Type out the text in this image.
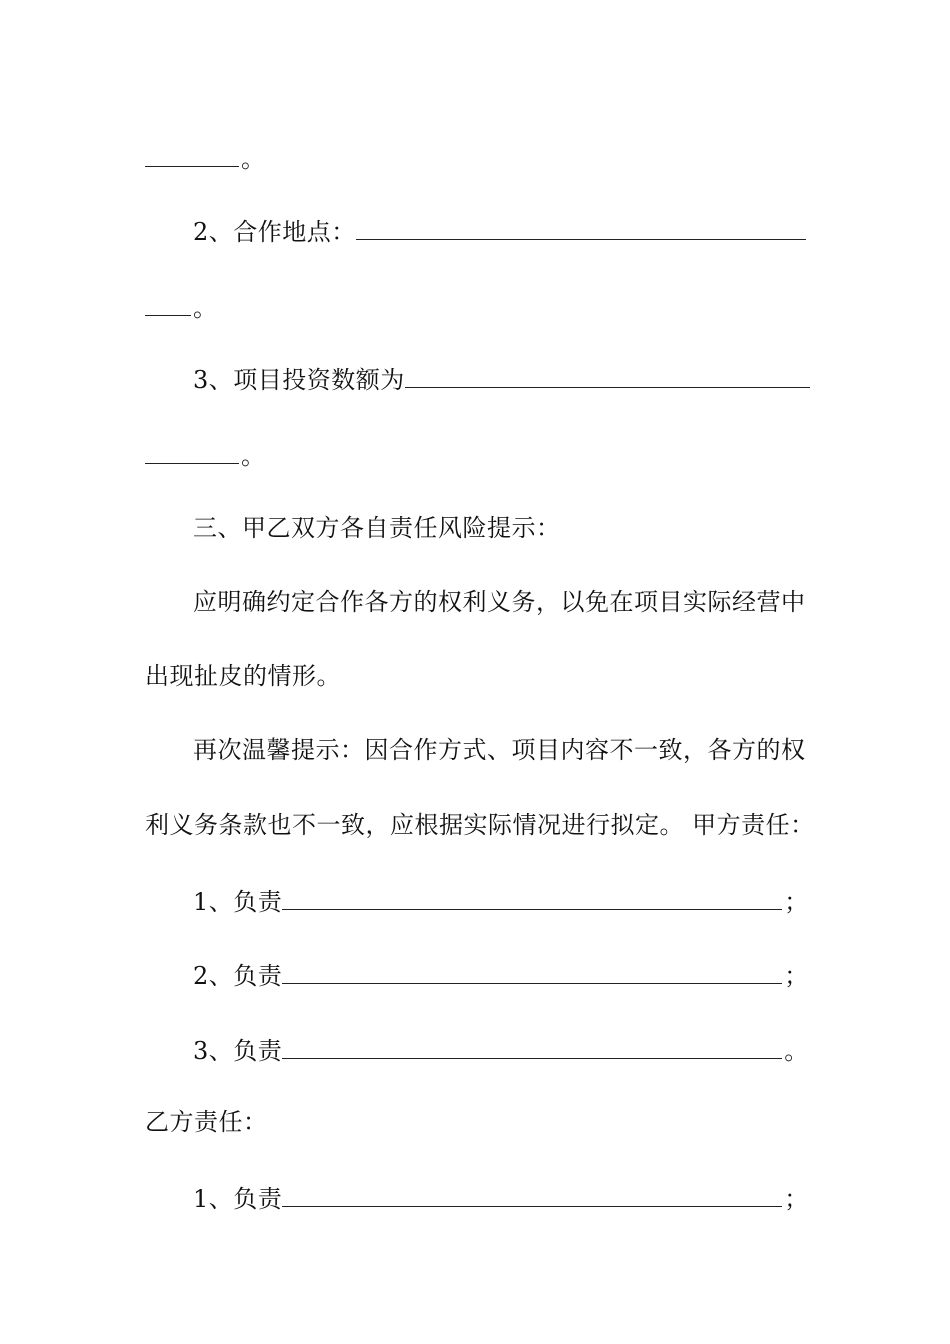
。
2、合作地点：
。
3、项目投资数额为
。
三、甲乙双方各自责任风险提示：
应明确约定合作各方的权利义务，以免在项目实际经营中
出现扯皮的情形。
再次温馨提示：因合作方式、项目内容不一致，各方的权
利义务条款也不一致，应根据实际情况进行拟定。 甲方责任：
1、负责	；
2、负责	；
3、负责	。
乙方责任：
1、负责	；
